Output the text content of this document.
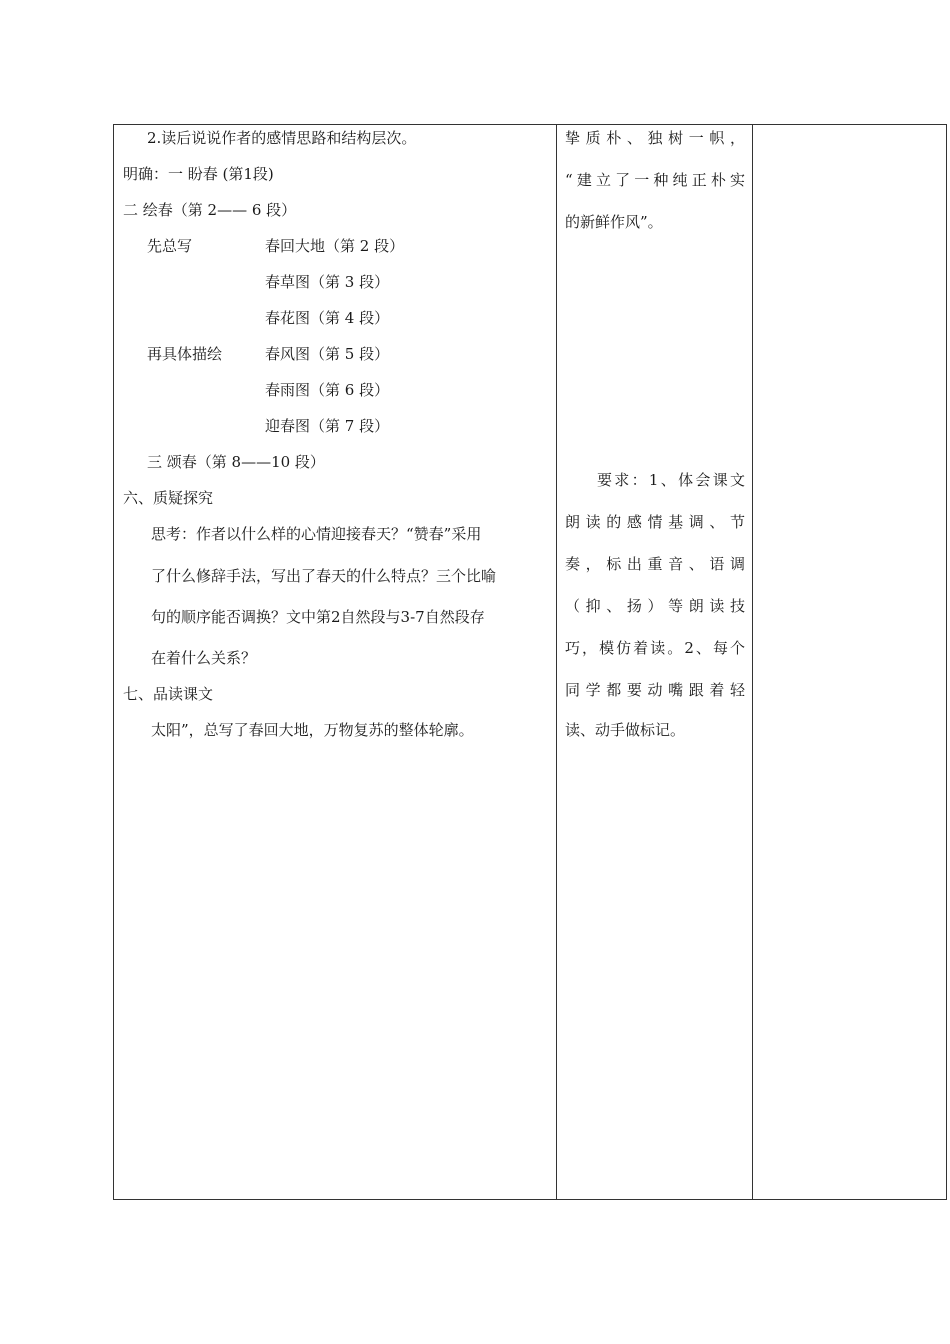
2.读后说说作者的感情思路和结构层次。
明确：一 盼春 (第1段)
二 绘春（第 2—— 6 段）
先总写	春回大地（第 2 段）
春草图（第 3 段）
春花图（第 4 段）
再具体描绘	春风图（第 5 段）
春雨图（第 6 段）
迎春图（第 7 段）
三 颂春（第 8——10 段）
六、质疑探究
思考：作者以什么样的心情迎接春天？“赞春”采用
了什么修辞手法，写出了春天的什么特点？三个比喻
句的顺序能否调换？文中第2自然段与3-7自然段存
在着什么关系？
七、品读课文
太阳”，总写了春回大地，万物复苏的整体轮廓。
挚质朴、独树一帜，
“建立了一种纯正朴实
的新鲜作风”。
要求：1、体会课文
朗读的感情基调、节
奏，标出重音、语调
（抑、扬）等朗读技
巧，模仿着读。2、每个
同学都要动嘴跟着轻
读、动手做标记。
